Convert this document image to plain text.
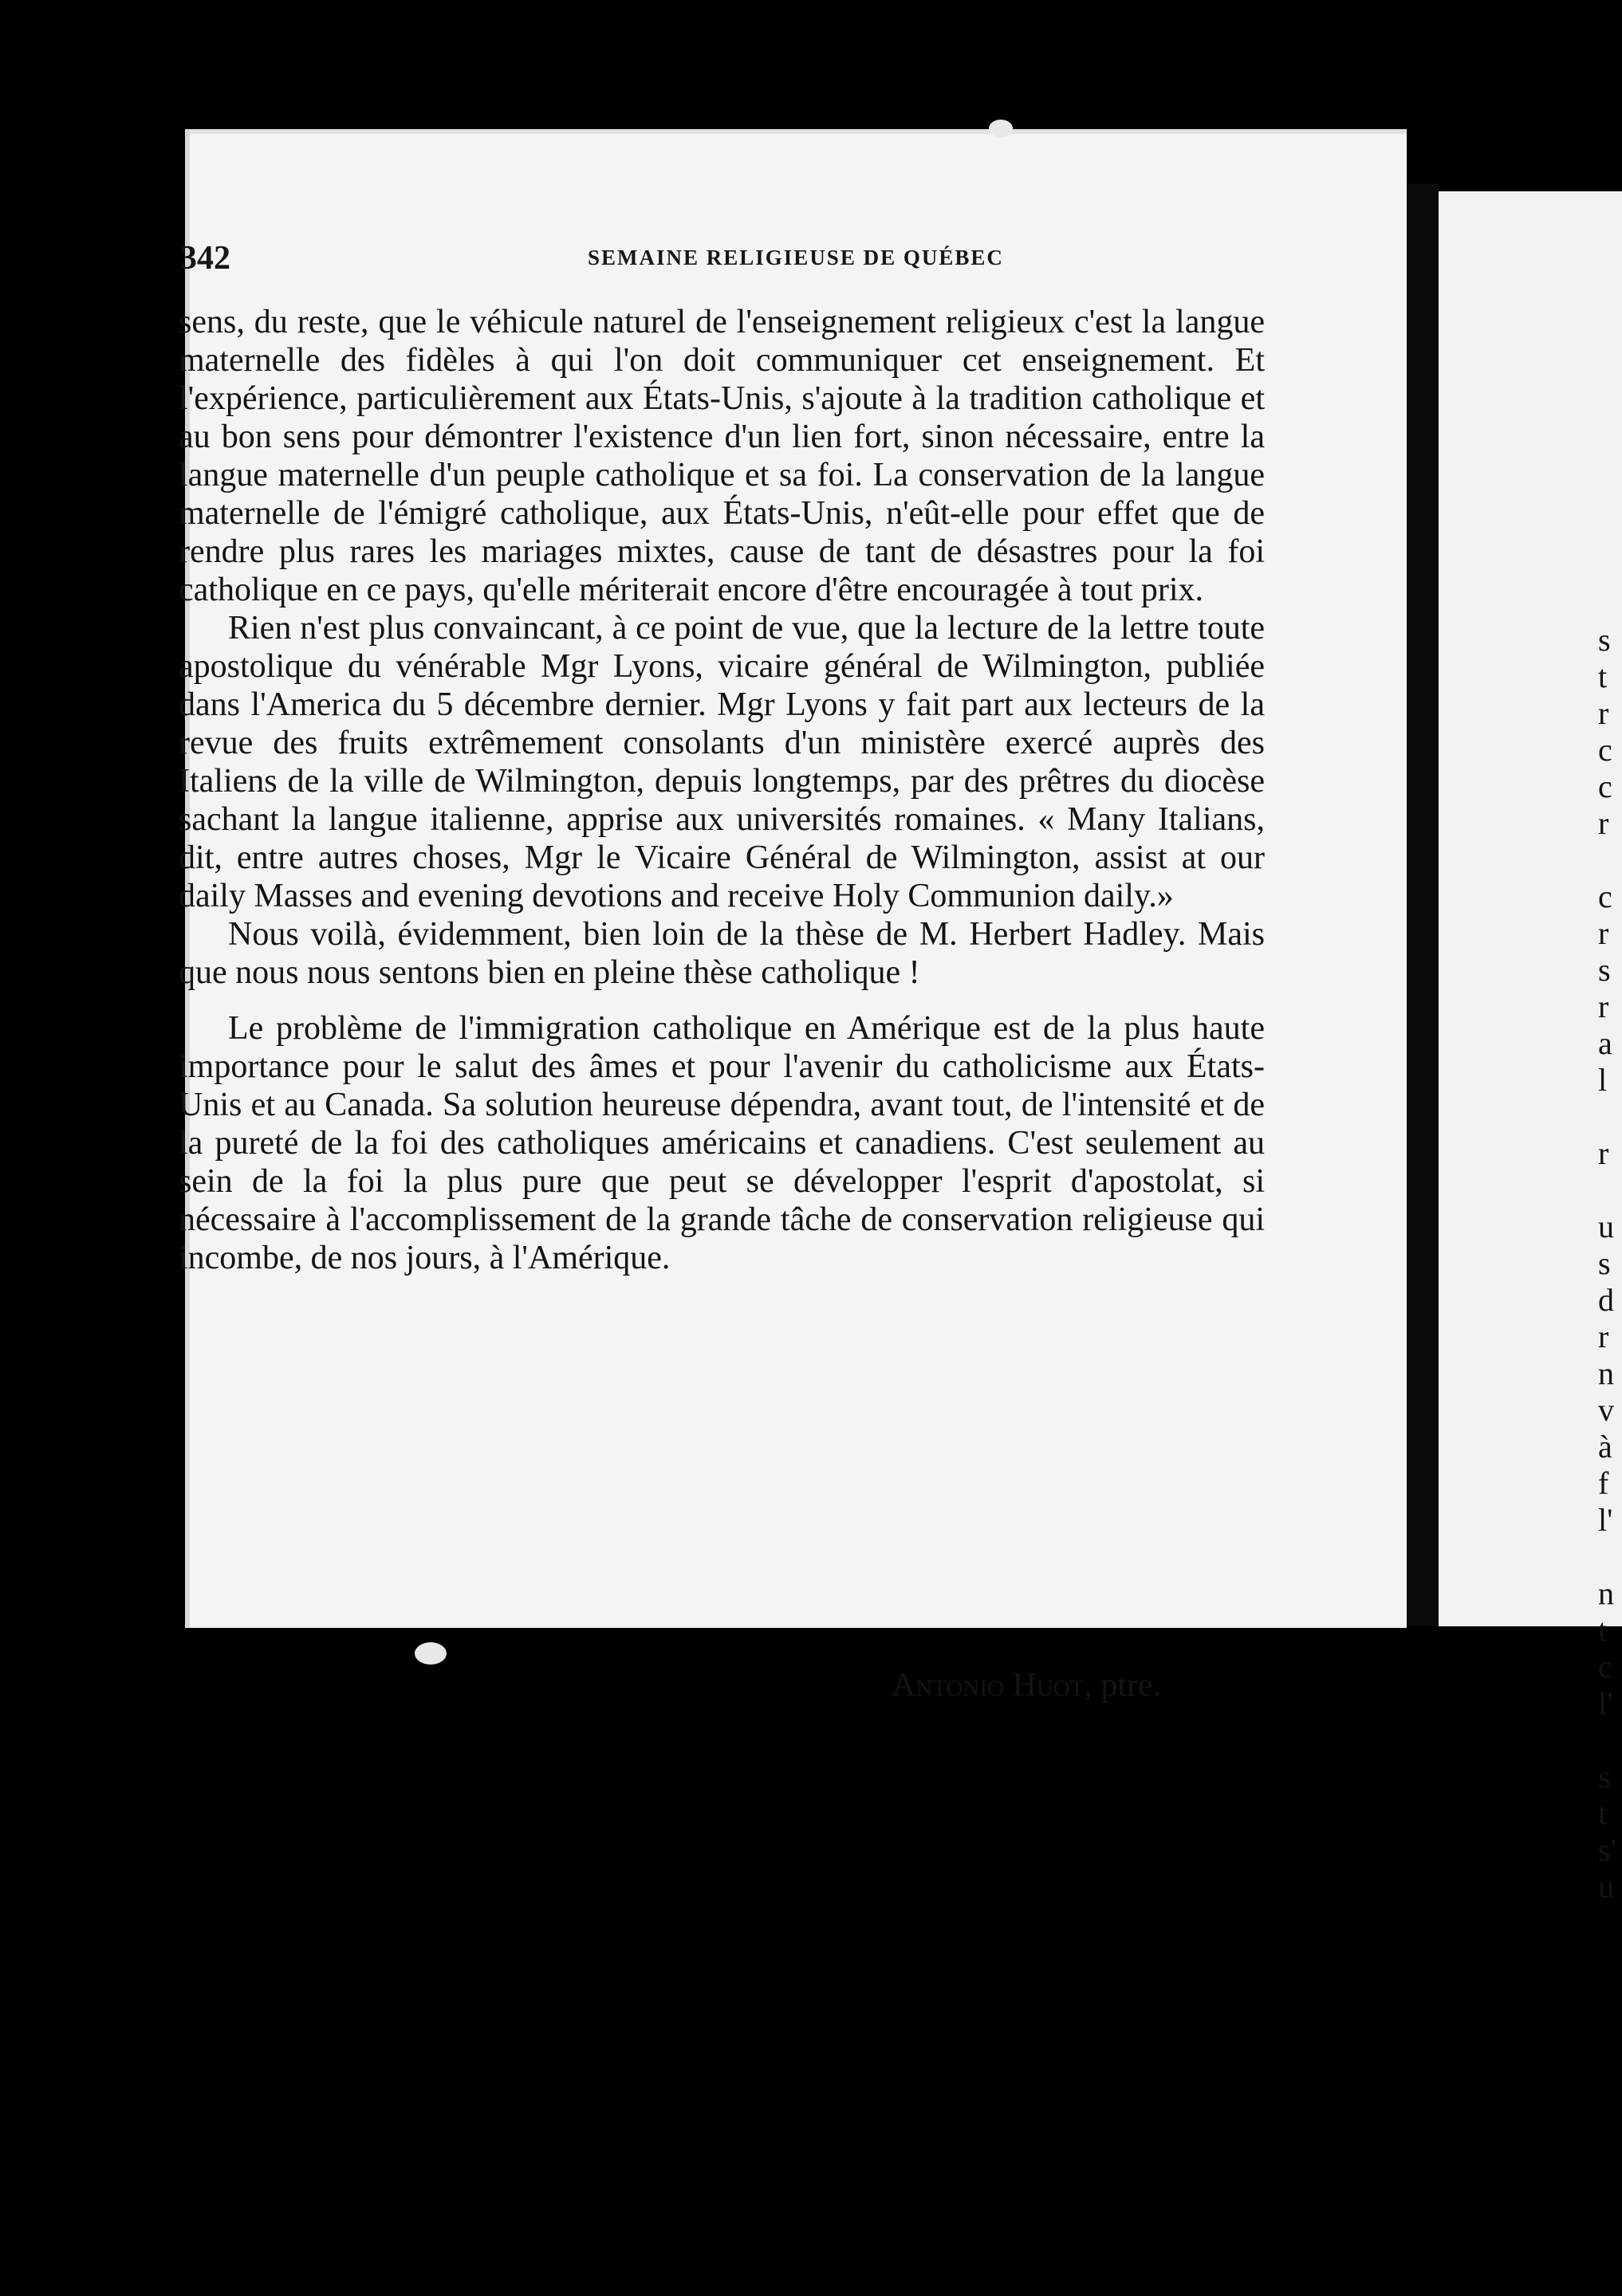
s
t
r
c
c
r

c
r
s
r
a
l

r

u
s
d
r
n
v
à
f
l'

n
t
c
l'

s
t
s'
u
342	SEMAINE RELIGIEUSE DE QUÉBEC

sens, du reste, que le véhicule naturel de l'enseignement religieux c'est la langue maternelle des fidèles à qui l'on doit communiquer cet enseignement. Et l'expérience, particulièrement aux États-Unis, s'ajoute à la tradition catholique et au bon sens pour démontrer l'existence d'un lien fort, sinon nécessaire, entre la langue maternelle d'un peuple catholique et sa foi. La conservation de la langue maternelle de l'émigré catholique, aux États-Unis, n'eût-elle pour effet que de rendre plus rares les mariages mixtes, cause de tant de désastres pour la foi catholique en ce pays, qu'elle mériterait encore d'être encouragée à tout prix.

Rien n'est plus convaincant, à ce point de vue, que la lecture de la lettre toute apostolique du vénérable Mgr Lyons, vicaire général de Wilmington, publiée dans l'America du 5 décembre dernier. Mgr Lyons y fait part aux lecteurs de la revue des fruits extrêmement consolants d'un ministère exercé auprès des Italiens de la ville de Wilmington, depuis longtemps, par des prêtres du diocèse sachant la langue italienne, apprise aux universités romaines. « Many Italians, dit, entre autres choses, Mgr le Vicaire Général de Wilmington, assist at our daily Masses and evening devotions and receive Holy Communion daily.»

Nous voilà, évidemment, bien loin de la thèse de M. Herbert Hadley. Mais que nous nous sentons bien en pleine thèse catholique !

Le problème de l'immigration catholique en Amérique est de la plus haute importance pour le salut des âmes et pour l'avenir du catholicisme aux États-Unis et au Canada. Sa solution heureuse dépendra, avant tout, de l'intensité et de la pureté de la foi des catholiques américains et canadiens. C'est seulement au sein de la foi la plus pure que peut se développer l'esprit d'apostolat, si nécessaire à l'accomplissement de la grande tâche de conservation religieuse qui incombe, de nos jours, à l'Amérique.

Antonio Huot, ptre.
